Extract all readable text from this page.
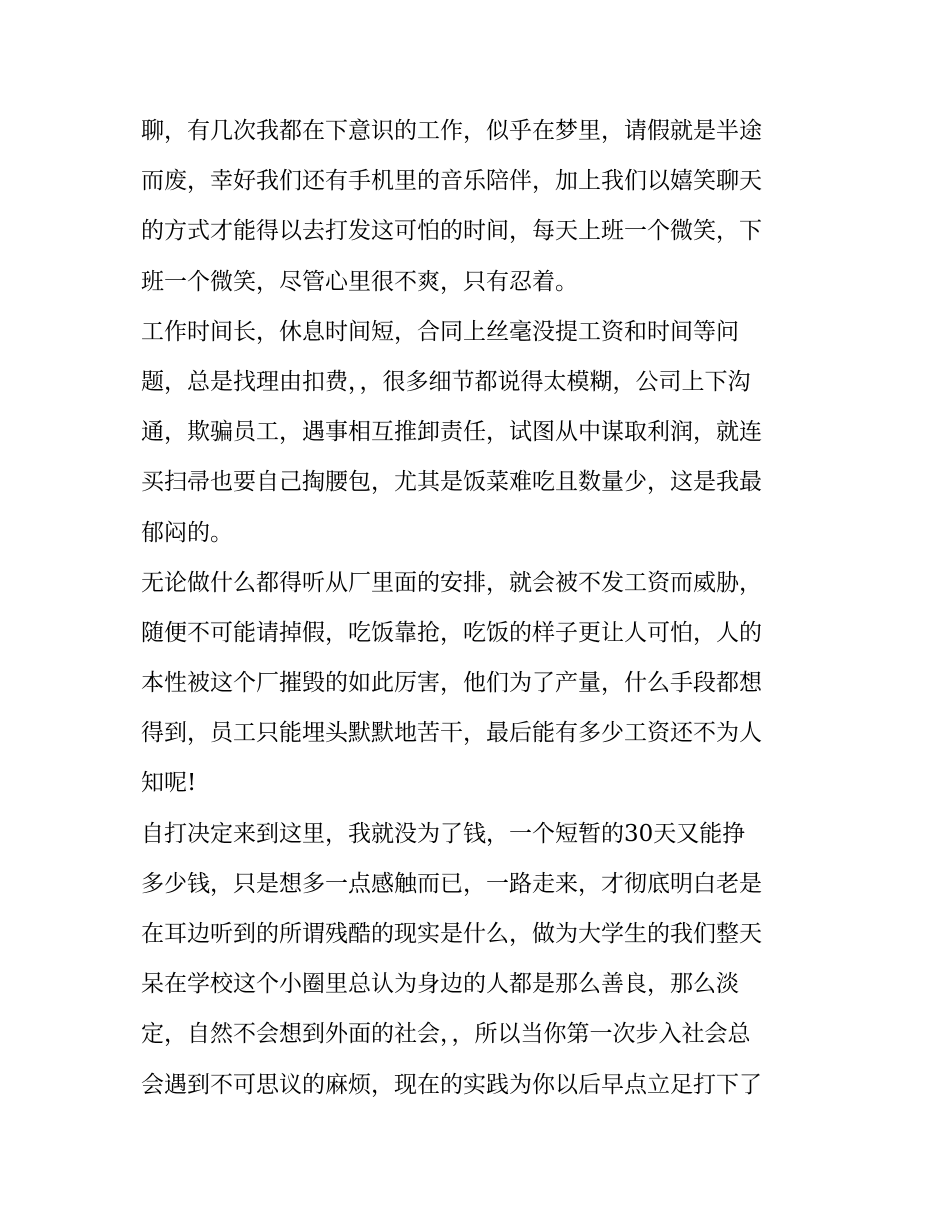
聊，有几次我都在下意识的工作，似乎在梦里，请假就是半途
而废，幸好我们还有手机里的音乐陪伴，加上我们以嬉笑聊天
的方式才能得以去打发这可怕的时间，每天上班一个微笑，下
班一个微笑，尽管心里很不爽，只有忍着。
工作时间长，休息时间短，合同上丝毫没提工资和时间等问
题，总是找理由扣费，，很多细节都说得太模糊，公司上下沟
通，欺骗员工，遇事相互推卸责任，试图从中谋取利润，就连
买扫帚也要自己掏腰包，尤其是饭菜难吃且数量少，这是我最
郁闷的。
无论做什么都得听从厂里面的安排，就会被不发工资而威胁，
随便不可能请掉假，吃饭靠抢，吃饭的样子更让人可怕，人的
本性被这个厂摧毁的如此厉害，他们为了产量，什么手段都想
得到，员工只能埋头默默地苦干，最后能有多少工资还不为人
知呢!
自打决定来到这里，我就没为了钱，一个短暂的30天又能挣
多少钱，只是想多一点感触而已，一路走来，才彻底明白老是
在耳边听到的所谓残酷的现实是什么，做为大学生的我们整天
呆在学校这个小圈里总认为身边的人都是那么善良，那么淡
定，自然不会想到外面的社会，，所以当你第一次步入社会总
会遇到不可思议的麻烦，现在的实践为你以后早点立足打下了
